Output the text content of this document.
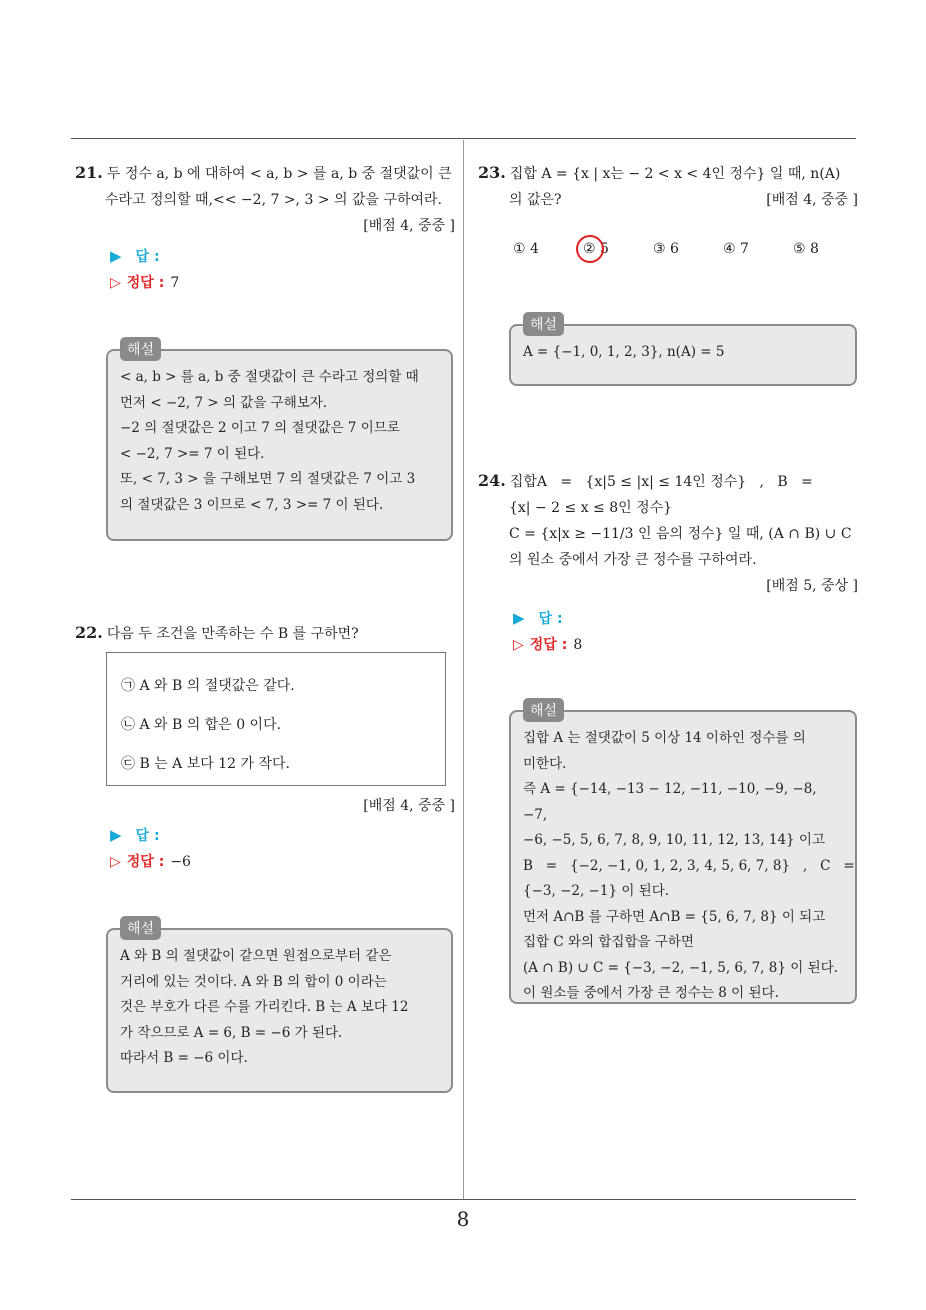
21. 두 정수 a, b 에 대하여 < a, b > 를 a, b 중 절댓값이 큰
수라고 정의할 때,<< −2, 7 >, 3 > 의 값을 구하여라.
[배점 4, 중중 ]
▶ 답 :
▷ 정답 : 7
해설
< a, b > 를 a, b 중 절댓값이 큰 수라고 정의할 때
먼저 < −2, 7 > 의 값을 구해보자.
−2 의 절댓값은 2 이고 7 의 절댓값은 7 이므로
< −2, 7 >= 7 이 된다.
또, < 7, 3 > 을 구해보면 7 의 절댓값은 7 이고 3
의 절댓값은 3 이므로 < 7, 3 >= 7 이 된다.
22. 다음 두 조건을 만족하는 수 B 를 구하면?
㉠ A 와 B 의 절댓값은 같다.
㉡ A 와 B 의 합은 0 이다.
㉢ B 는 A 보다 12 가 작다.
[배점 4, 중중 ]
▶ 답 :
▷ 정답 : −6
해설
A 와 B 의 절댓값이 같으면 원점으로부터 같은
거리에 있는 것이다. A 와 B 의 합이 0 이라는
것은 부호가 다른 수를 가리킨다. B 는 A 보다 12
가 작으므로 A = 6, B = −6 가 된다.
따라서 B = −6 이다.
23. 집합 A = {x | x는 − 2 < x < 4인 정수} 일 때, n(A)
의 값은?	[배점 4, 중중 ]
① 4	② 5	③ 6	④ 7	⑤ 8
해설
A = {−1, 0, 1, 2, 3}, n(A) = 5
24. 집합A   =   {x|5 ≤ |x| ≤ 14인 정수}   ,   B   =
{x| − 2 ≤ x ≤ 8인 정수}
C = {x|x ≥ −11/3 인 음의 정수} 일 때, (A ∩ B) ∪ C
의 원소 중에서 가장 큰 정수를 구하여라.
[배점 5, 중상 ]
▶ 답 :
▷ 정답 : 8
해설
집합 A 는 절댓값이 5 이상 14 이하인 정수를 의
미한다.
즉 A = {−14, −13 − 12, −11, −10, −9, −8, −7,
−6, −5, 5, 6, 7, 8, 9, 10, 11, 12, 13, 14} 이고
B   =   {−2, −1, 0, 1, 2, 3, 4, 5, 6, 7, 8}   ,   C   =
{−3, −2, −1} 이 된다.
먼저 A∩B 를 구하면 A∩B = {5, 6, 7, 8} 이 되고
집합 C 와의 합집합을 구하면
(A ∩ B) ∪ C = {−3, −2, −1, 5, 6, 7, 8} 이 된다.
이 원소들 중에서 가장 큰 정수는 8 이 된다.
8
